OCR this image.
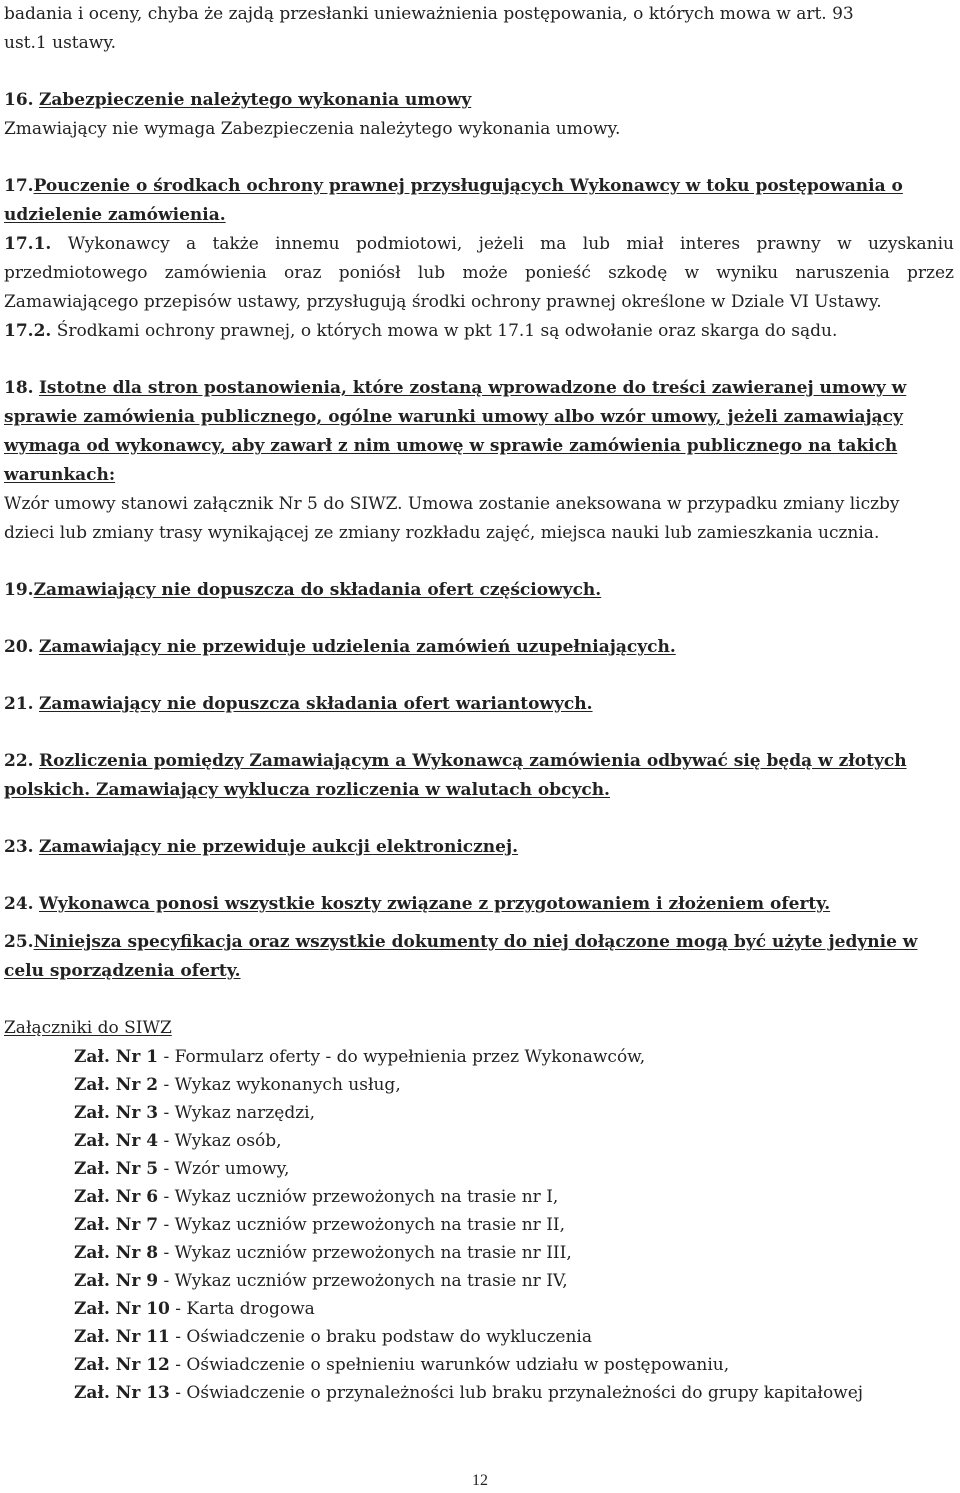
badania i oceny, chyba że zajdą przesłanki unieważnienia postępowania, o których mowa w art. 93
ust.1 ustawy.

16. Zabezpieczenie należytego wykonania umowy

Zmawiający nie wymaga Zabezpieczenia należytego wykonania umowy.

17.Pouczenie o środkach ochrony prawnej przysługujących Wykonawcy w toku postępowania o udzielenie zamówienia.

17.1. Wykonawcy a także innemu podmiotowi, jeżeli ma lub miał interes prawny w uzyskaniu przedmiotowego zamówienia oraz poniósł lub może ponieść szkodę w wyniku naruszenia przez Zamawiającego przepisów ustawy, przysługują środki ochrony prawnej określone w Dziale VI Ustawy.

17.2. Środkami ochrony prawnej, o których mowa w pkt 17.1 są odwołanie oraz skarga do sądu.

18. Istotne dla stron postanowienia, które zostaną wprowadzone do treści zawieranej umowy w sprawie zamówienia publicznego, ogólne warunki umowy albo wzór umowy, jeżeli zamawiający wymaga od wykonawcy, aby zawarł z nim umowę w sprawie zamówienia publicznego na takich warunkach:

Wzór umowy stanowi załącznik Nr 5 do SIWZ. Umowa zostanie aneksowana w przypadku zmiany liczby dzieci lub zmiany trasy wynikającej ze zmiany rozkładu zajęć, miejsca nauki lub zamieszkania ucznia.

19.Zamawiający nie dopuszcza do składania ofert częściowych.

20. Zamawiający nie przewiduje udzielenia zamówień uzupełniających.

21. Zamawiający nie dopuszcza składania ofert wariantowych.

22. Rozliczenia pomiędzy Zamawiającym a Wykonawcą zamówienia odbywać się będą w złotych polskich. Zamawiający wyklucza rozliczenia w walutach obcych.

23. Zamawiający nie przewiduje aukcji elektronicznej.

24. Wykonawca ponosi wszystkie koszty związane z przygotowaniem i złożeniem oferty.

25.Niniejsza specyfikacja oraz wszystkie dokumenty do niej dołączone mogą być użyte jedynie w celu sporządzenia oferty.

Załączniki do SIWZ

Zał. Nr 1 - Formularz oferty - do wypełnienia przez Wykonawców,
Zał. Nr 2 - Wykaz wykonanych usług,
Zał. Nr 3 - Wykaz narzędzi,
Zał. Nr 4 - Wykaz osób,
Zał. Nr 5 - Wzór umowy,
Zał. Nr 6 - Wykaz uczniów przewożonych na trasie nr I,
Zał. Nr 7 - Wykaz uczniów przewożonych na trasie nr II,
Zał. Nr 8 - Wykaz uczniów przewożonych na trasie nr III,
Zał. Nr 9 - Wykaz uczniów przewożonych na trasie nr IV,
Zał. Nr 10 - Karta drogowa
Zał. Nr 11 - Oświadczenie o braku podstaw do wykluczenia
Zał. Nr 12 - Oświadczenie o spełnieniu warunków udziału w postępowaniu,
Zał. Nr 13 - Oświadczenie o przynależności lub braku przynależności do grupy kapitałowej
12
